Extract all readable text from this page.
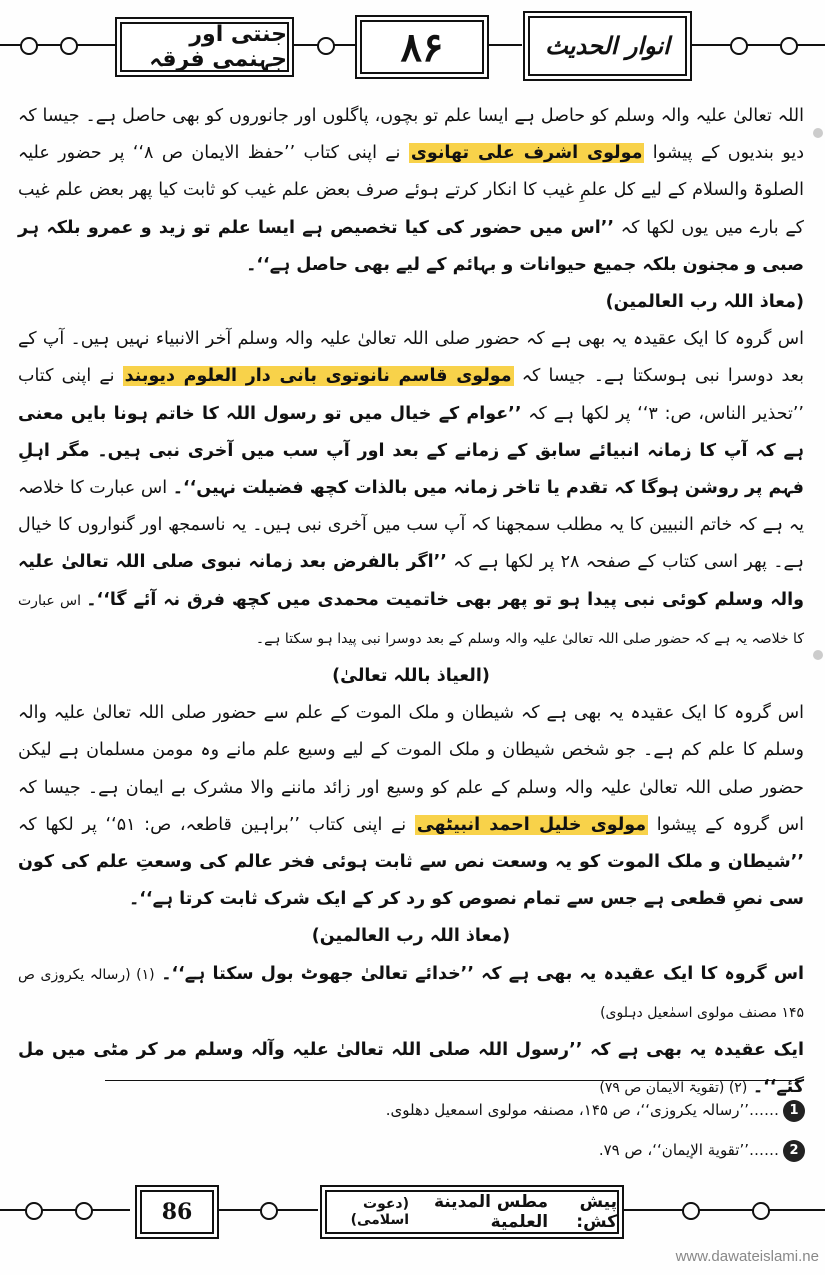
جنتی اور جہنمی فرقہ	۸۶	انوار الحدیث

اللہ تعالیٰ علیہ والہ وسلم کو حاصل ہے ایسا علم تو بچوں، پاگلوں اور جانوروں کو بھی حاصل ہے۔ جیسا کہ دیو بندیوں کے پیشوا مولوی اشرف علی تھانوی نے اپنی کتاب ’’حفظ الایمان ص ۸‘‘ پر حضور علیہ الصلوۃ والسلام کے لیے کل علمِ غیب کا انکار کرتے ہوئے صرف بعض علم غیب کو ثابت کیا پھر بعض علم غیب کے بارے میں یوں لکھا کہ ’’اس میں حضور کی کیا تخصیص ہے ایسا علم تو زید و عمرو بلکہ ہر صبی و مجنون بلکہ جمیع حیوانات و بہائم کے لیے بھی حاصل ہے‘‘۔

(معاذ اللہ رب العالمین)

اس گروہ کا ایک عقیدہ یہ بھی ہے کہ حضور صلی اللہ تعالیٰ علیہ والہ وسلم آخر الانبیاء نہیں ہیں۔ آپ کے بعد دوسرا نبی ہوسکتا ہے۔ جیسا کہ مولوی قاسم نانوتوی بانی دار العلوم دیوبند نے اپنی کتاب ’’تحذیر الناس، ص: ۳‘‘ پر لکھا ہے کہ ’’عوام کے خیال میں تو رسول اللہ کا خاتم ہونا بایں معنی ہے کہ آپ کا زمانہ انبیائے سابق کے زمانے کے بعد اور آپ سب میں آخری نبی ہیں۔ مگر اہلِ فہم پر روشن ہوگا کہ تقدم یا تاخر زمانہ میں بالذات کچھ فضیلت نہیں‘‘۔ اس عبارت کا خلاصہ یہ ہے کہ خاتم النبیین کا یہ مطلب سمجھنا کہ آپ سب میں آخری نبی ہیں۔ یہ ناسمجھ اور گنواروں کا خیال ہے۔ پھر اسی کتاب کے صفحہ ۲۸ پر لکھا ہے کہ ’’اگر بالفرض بعد زمانہ نبوی صلی اللہ تعالیٰ علیہ والہ وسلم کوئی نبی پیدا ہو تو پھر بھی خاتمیت محمدی میں کچھ فرق نہ آئے گا‘‘۔ اس عبارت کا خلاصہ یہ ہے کہ حضور صلی اللہ تعالیٰ علیہ والہ وسلم کے بعد دوسرا نبی پیدا ہو سکتا ہے۔

(العیاذ باللہ تعالیٰ)

اس گروہ کا ایک عقیدہ یہ بھی ہے کہ شیطان و ملک الموت کے علم سے حضور صلی اللہ تعالیٰ علیہ والہ وسلم کا علم کم ہے۔ جو شخص شیطان و ملک الموت کے لیے وسیع علم مانے وہ مومن مسلمان ہے لیکن حضور صلی اللہ تعالیٰ علیہ والہ وسلم کے علم کو وسیع اور زائد ماننے والا مشرک بے ایمان ہے۔ جیسا کہ اس گروہ کے پیشوا مولوی خلیل احمد انبیٹھی نے اپنی کتاب ’’براہین قاطعہ، ص: ۵۱‘‘ پر لکھا کہ ’’شیطان و ملک الموت کو یہ وسعت نص سے ثابت ہوئی فخر عالم کی وسعتِ علم کی کون سی نصِ قطعی ہے جس سے تمام نصوص کو رد کر کے ایک شرک ثابت کرتا ہے‘‘۔

(معاذ اللہ رب العالمین)

اس گروہ کا ایک عقیدہ یہ بھی ہے کہ ’’خدائے تعالیٰ جھوٹ بول سکتا ہے‘‘۔ (۱) (رسالہ یکروزی ص ۱۴۵ مصنف مولوی اسمٰعیل دہلوی)

ایک عقیدہ یہ بھی ہے کہ ’’رسول اللہ صلی اللہ تعالیٰ علیہ وآلہ وسلم مر کر مٹی میں مل گئے‘‘۔ (۲) (تقویۃ الایمان ص ۷۹)

1……’’رسالہ یکروزی‘‘، ص ۱۴۵، مصنفہ مولوی اسمعیل دهلوی.
2……’’تقویة الإیمان‘‘، ص ۷۹.
86	پیش کش:

مطس المدینة العلمیة

(دعوت اسلامی)
www.dawateislami.ne
